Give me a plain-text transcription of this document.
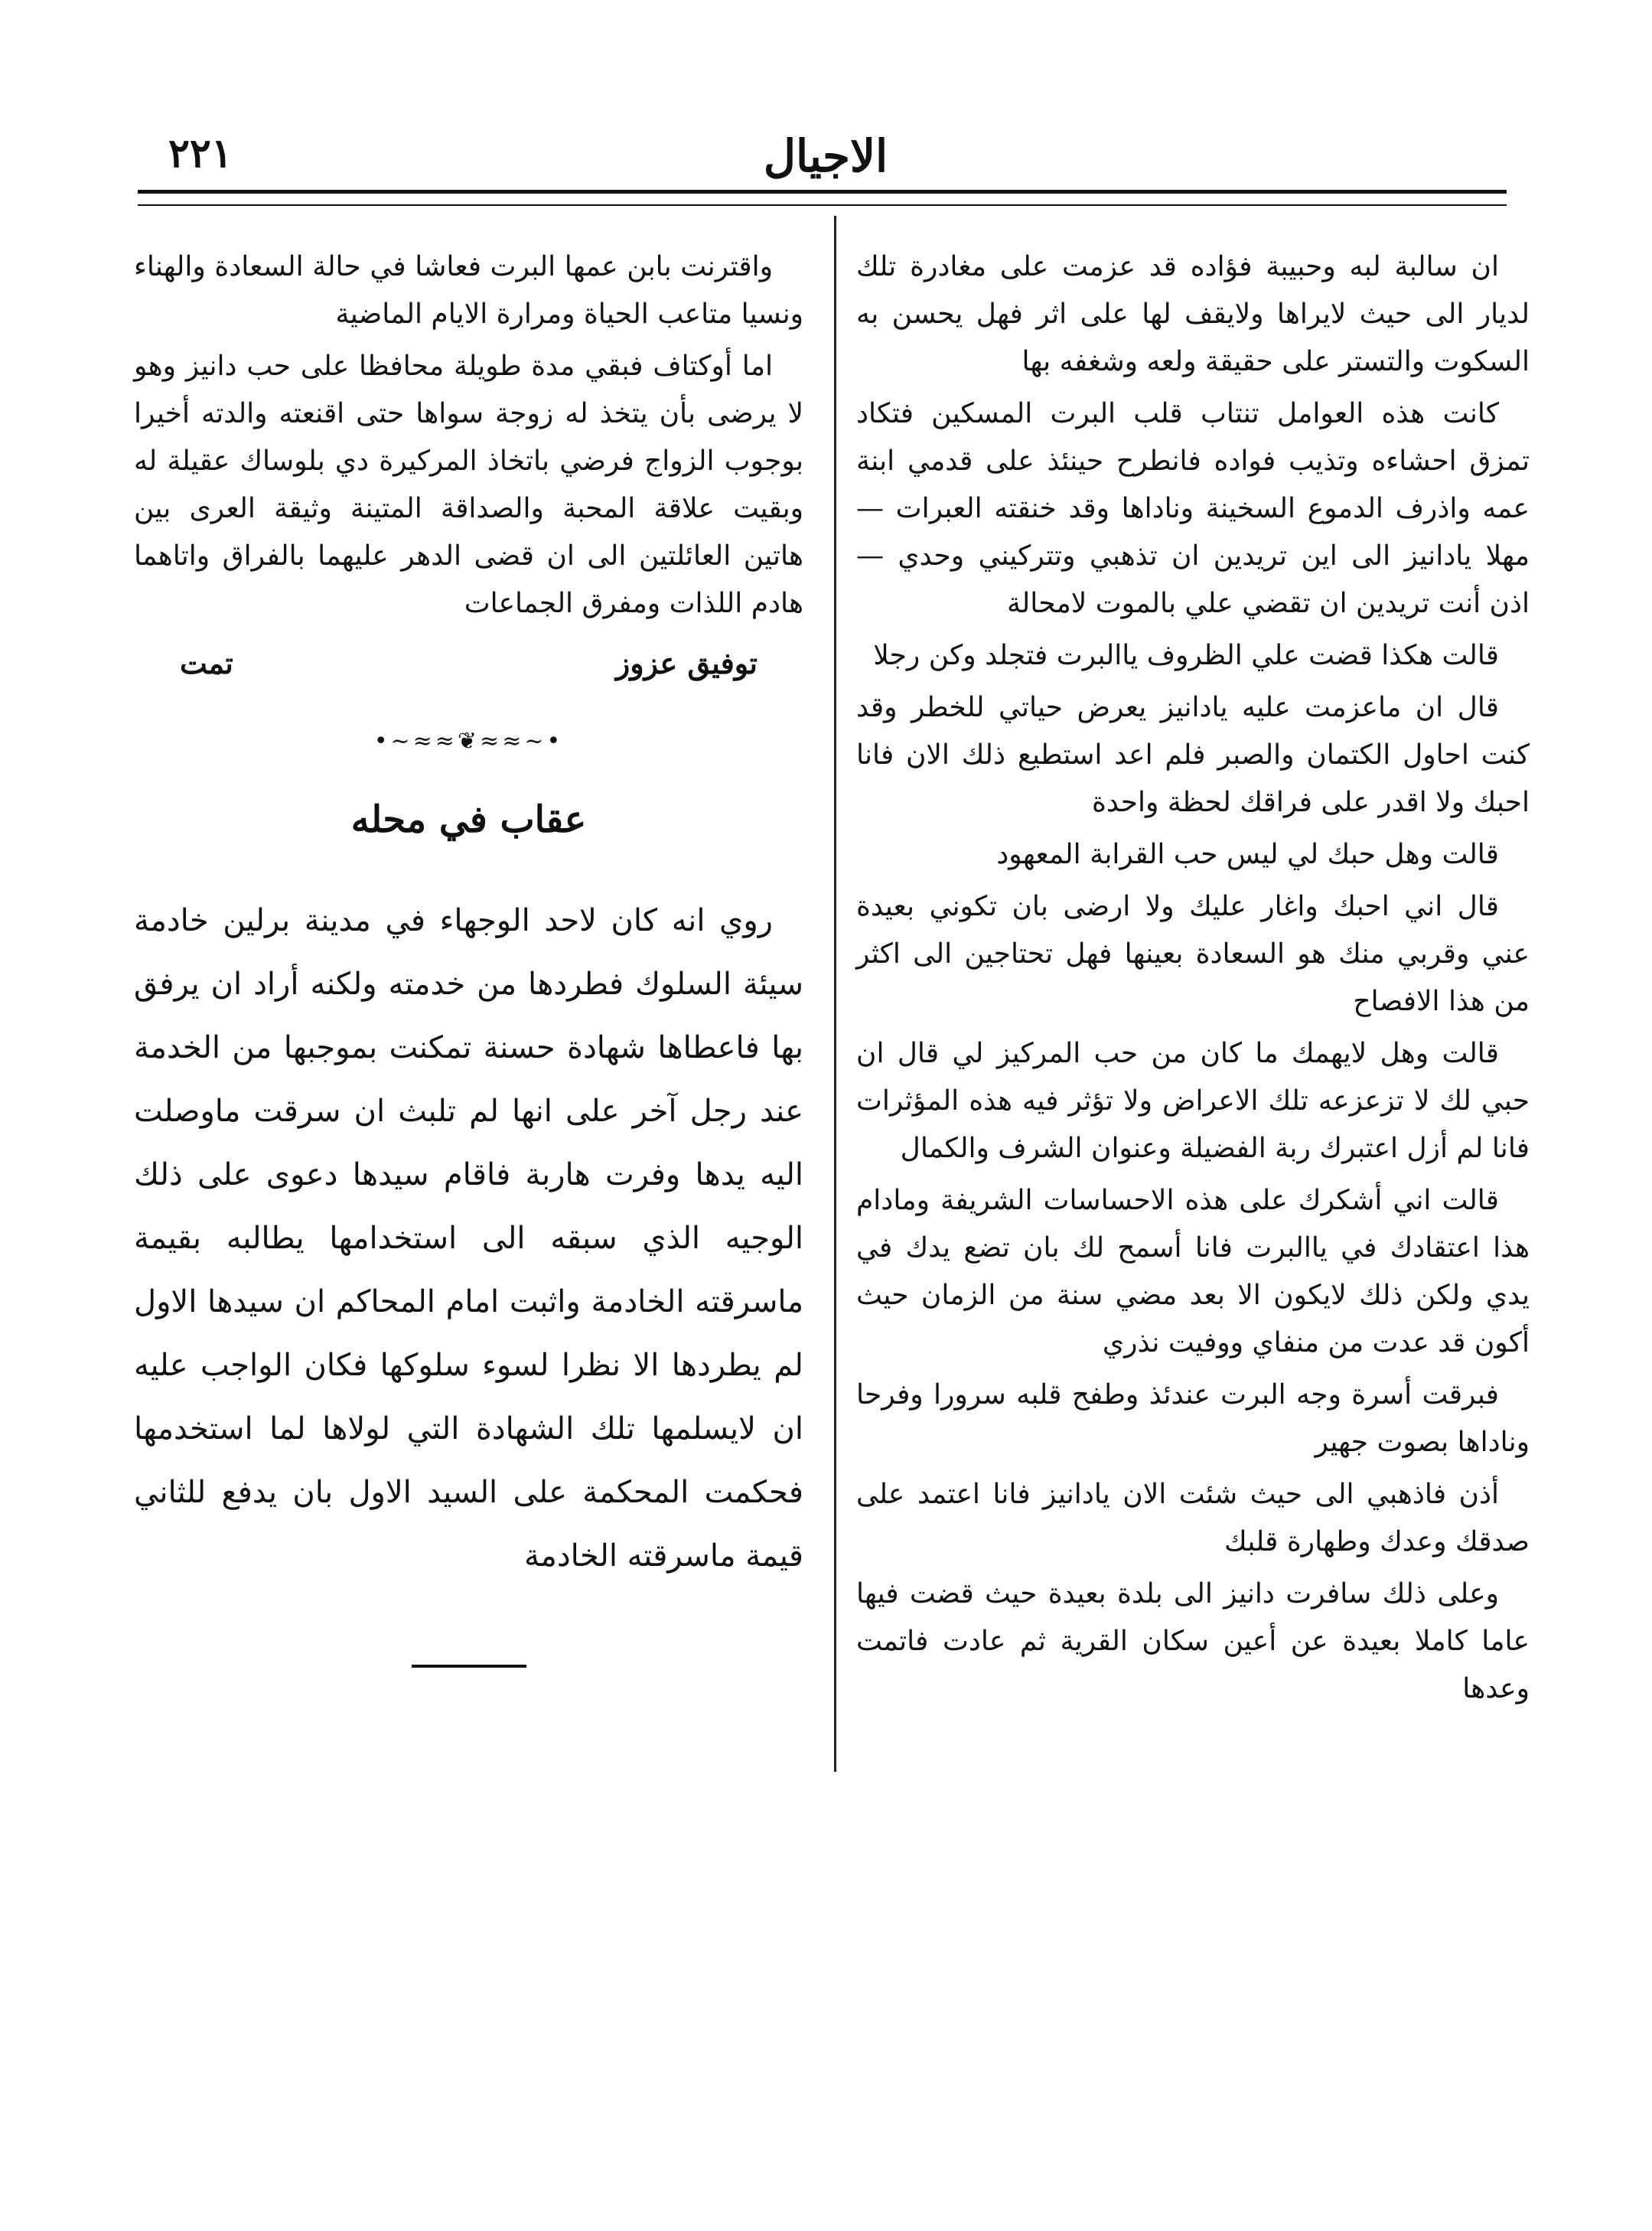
الاجيال
۲۲۱

ان سالبة لبه وحبيبة فؤاده قد عزمت على مغادرة تلك لديار الى حيث لايراها ولايقف لها على اثر فهل يحسن به السكوت والتستر على حقيقة ولعه وشغفه بها

كانت هذه العوامل تنتاب قلب البرت المسكين فتكاد تمزق احشاءه وتذيب فواده فانطرح حينئذ على قدمي ابنة عمه واذرف الدموع السخينة وناداها وقد خنقته العبرات — مهلا يادانيز الى اين تريدين ان تذهبي وتتركيني وحدي — اذن أنت تريدين ان تقضي علي بالموت لامحالة

قالت هكذا قضت علي الظروف ياالبرت فتجلد وكن رجلا

قال ان ماعزمت عليه يادانيز يعرض حياتي للخطر وقد كنت احاول الكتمان والصبر فلم اعد استطيع ذلك الان فانا احبك ولا اقدر على فراقك لحظة واحدة

قالت وهل حبك لي ليس حب القرابة المعهود

قال اني احبك واغار عليك ولا ارضى بان تكوني بعيدة عني وقربي منك هو السعادة بعينها فهل تحتاجين الى اكثر من هذا الافصاح

قالت وهل لايهمك ما كان من حب المركيز لي قال ان حبي لك لا تزعزعه تلك الاعراض ولا تؤثر فيه هذه المؤثرات فانا لم أزل اعتبرك ربة الفضيلة وعنوان الشرف والكمال

قالت اني أشكرك على هذه الاحساسات الشريفة ومادام هذا اعتقادك في ياالبرت فانا أسمح لك بان تضع يدك في يدي ولكن ذلك لايكون الا بعد مضي سنة من الزمان حيث أكون قد عدت من منفاي ووفيت نذري

فبرقت أسرة وجه البرت عندئذ وطفح قلبه سرورا وفرحا وناداها بصوت جهير

أذن فاذهبي الى حيث شئت الان يادانيز فانا اعتمد على صدقك وعدك وطهارة قلبك

وعلى ذلك سافرت دانيز الى بلدة بعيدة حيث قضت فيها عاما كاملا بعيدة عن أعين سكان القرية ثم عادت فاتمت وعدها

واقترنت بابن عمها البرت فعاشا في حالة السعادة والهناء ونسيا متاعب الحياة ومرارة الايام الماضية

اما أوكتاف فبقي مدة طويلة محافظا على حب دانيز وهو لا يرضى بأن يتخذ له زوجة سواها حتى اقنعته والدته أخيرا بوجوب الزواج فرضي باتخاذ المركيرة دي بلوساك عقيلة له وبقيت علاقة المحبة والصداقة المتينة وثيقة العرى بين هاتين العائلتين الى ان قضى الدهر عليهما بالفراق واتاهما هادم اللذات ومفرق الجماعات

توفيق عزوز
تمت
•~≈≈❦≈≈~•
عقاب في محله

روي انه كان لاحد الوجهاء في مدينة برلين خادمة سيئة السلوك فطردها من خدمته ولكنه أراد ان يرفق بها فاعطاها شهادة حسنة تمكنت بموجبها من الخدمة عند رجل آخر على انها لم تلبث ان سرقت ماوصلت اليه يدها وفرت هاربة فاقام سيدها دعوى على ذلك الوجيه الذي سبقه الى استخدامها يطالبه بقيمة ماسرقته الخادمة واثبت امام المحاكم ان سيدها الاول لم يطردها الا نظرا لسوء سلوكها فكان الواجب عليه ان لايسلمها تلك الشهادة التي لولاها لما استخدمها فحكمت المحكمة على السيد الاول بان يدفع للثاني قيمة ماسرقته الخادمة
